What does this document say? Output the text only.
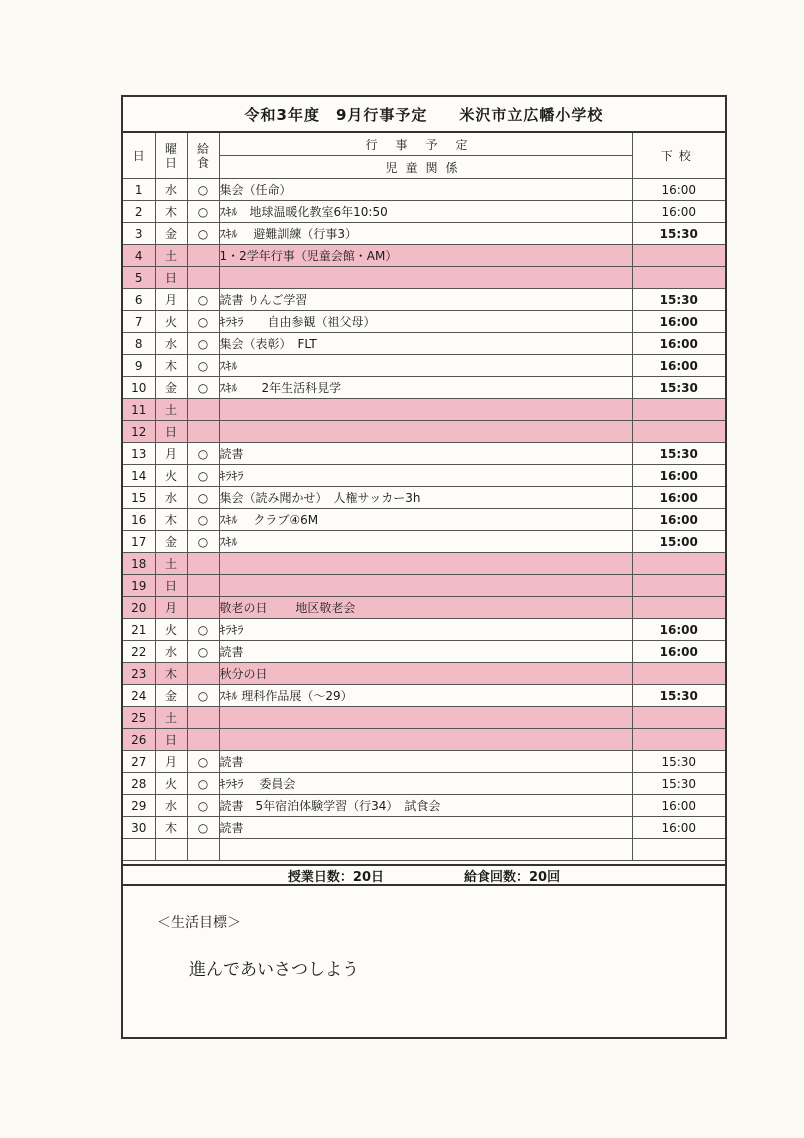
令和3年度　9月行事予定　　米沢市立広幡小学校
日	曜日	給食	行事予定	下校
			児童関係	
1	水	○	集会（任命）	16:00
2	木	○	ｽｷﾙ　地球温暖化教室6年10:50	16:00
3	金	○	ｽｷﾙ　 避難訓練（行事3）	15:30
4	土		1・2学年行事（児童会館・AM）	
5	日			
6	月	○	読書 りんご学習	15:30
7	火	○	ｷﾗｷﾗ　　自由参観（祖父母）	16:00
8	水	○	集会（表彰）　FLT	16:00
9	木	○	ｽｷﾙ	16:00
10	金	○	ｽｷﾙ　　2年生活科見学	15:30
11	土			
12	日			
13	月	○	読書	15:30
14	火	○	ｷﾗｷﾗ	16:00
15	水	○	集会（読み聞かせ）　人権サッカー3h	16:00
16	木	○	ｽｷﾙ　 クラブ④6M	16:00
17	金	○	ｽｷﾙ	15:00
18	土			
19	日			
20	月		敬老の日　　 地区敬老会	
21	火	○	ｷﾗｷﾗ	16:00
22	水	○	読書	16:00
23	木		秋分の日	
24	金	○	ｽｷﾙ 理科作品展（～29）	15:30
25	土			
26	日			
27	月	○	読書	15:30
28	火	○	ｷﾗｷﾗ　 委員会	15:30
29	水	○	読書　5年宿泊体験学習（行34）　試食会	16:00
30	木	○	読書	16:00

授業日数：20日	給食回数：20回
＜生活目標＞
進んであいさつしよう
